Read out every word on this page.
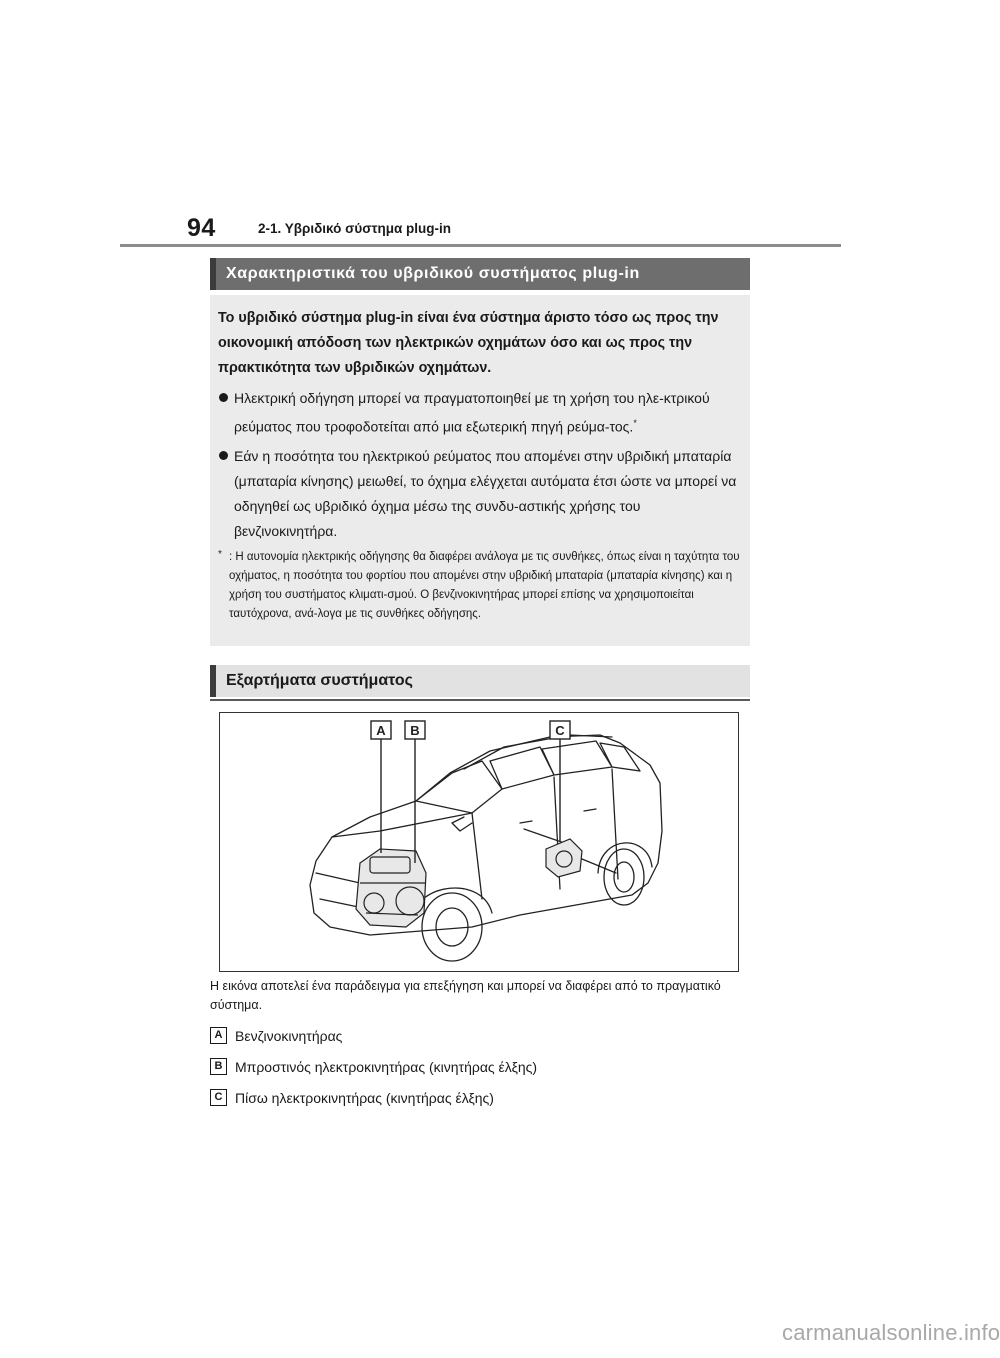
94	2-1. Υβριδικό σύστημα plug-in
Χαρακτηριστικά του υβριδικού συστήματος plug-in

Το υβριδικό σύστημα plug-in είναι ένα σύστημα άριστο τόσο ως προς την οικονομική απόδοση των ηλεκτρικών οχημάτων όσο και ως προς την πρακτικότητα των υβριδικών οχημάτων.

Ηλεκτρική οδήγηση μπορεί να πραγματοποιηθεί με τη χρήση του ηλε-κτρικού ρεύματος που τροφοδοτείται από μια εξωτερική πηγή ρεύμα-τος.*
Εάν η ποσότητα του ηλεκτρικού ρεύματος που απομένει στην υβριδική μπαταρία (μπαταρία κίνησης) μειωθεί, το όχημα ελέγχεται αυτόματα έτσι ώστε να μπορεί να οδηγηθεί ως υβριδικό όχημα μέσω της συνδυ-αστικής χρήσης του βενζινοκινητήρα.
* : Η αυτονομία ηλεκτρικής οδήγησης θα διαφέρει ανάλογα με τις συνθήκες, όπως είναι η ταχύτητα του οχήματος, η ποσότητα του φορτίου που απομένει στην υβριδική μπαταρία (μπαταρία κίνησης) και η χρήση του συστήματος κλιματι-σμού. Ο βενζινοκινητήρας μπορεί επίσης να χρησιμοποιείται ταυτόχρονα, ανά-λογα με τις συνθήκες οδήγησης.
Εξαρτήματα συστήματος
A B	C
Η εικόνα αποτελεί ένα παράδειγμα για επεξήγηση και μπορεί να διαφέρει από το πραγματικό σύστημα.
A Βενζινοκινητήρας
B Μπροστινός ηλεκτροκινητήρας (κινητήρας έλξης)
C Πίσω ηλεκτροκινητήρας (κινητήρας έλξης)
carmanualsonline.info
